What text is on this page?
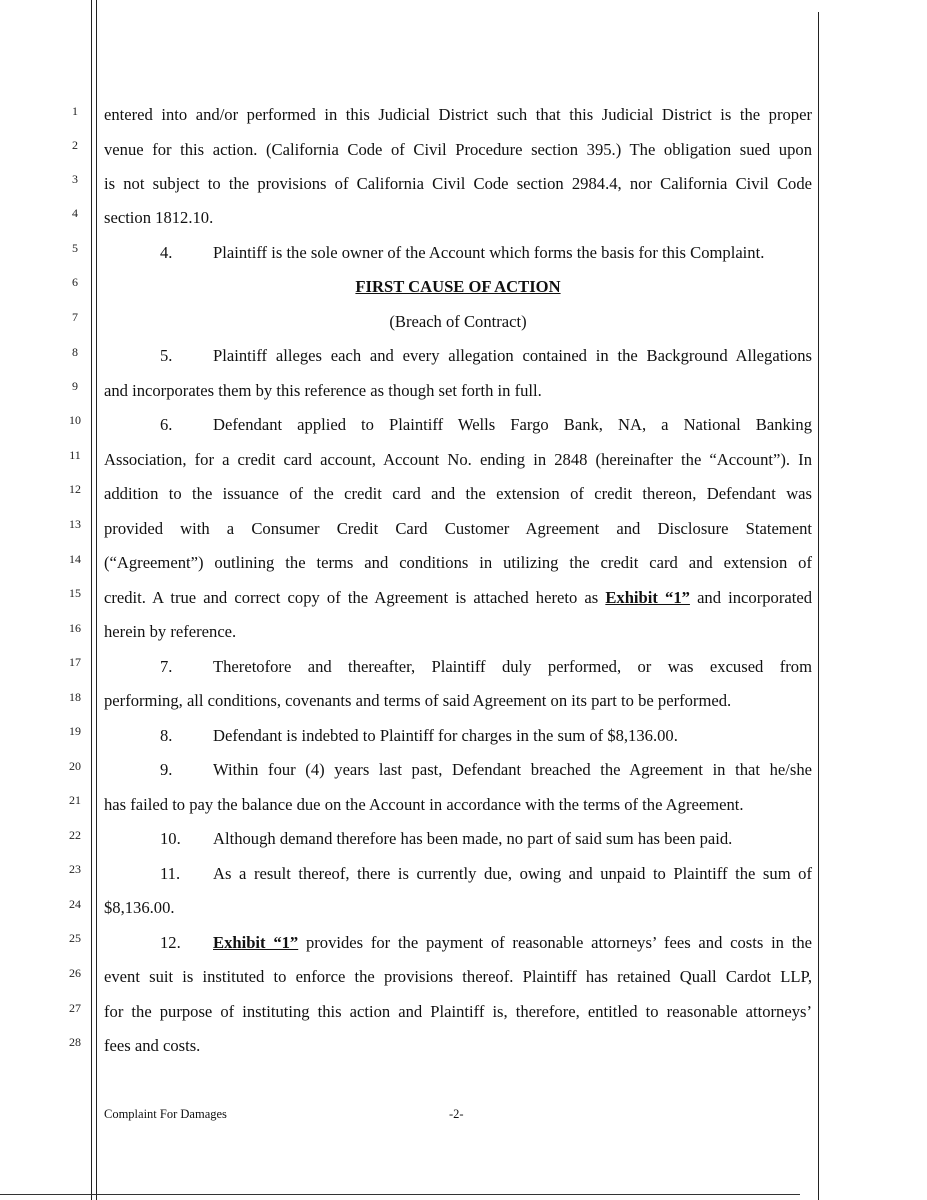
1
2
3
4
5
6
7
8
9
10
11
12
13
14
15
16
17
18
19
20
21
22
23
24
25
26
27
28
entered into and/or performed in this Judicial District such that this Judicial District is the proper
venue for this action. (California Code of Civil Procedure section 395.) The obligation sued upon
is not subject to the provisions of California Civil Code section 2984.4, nor California Civil Code
section 1812.10.
4. Plaintiff is the sole owner of the Account which forms the basis for this Complaint.
FIRST CAUSE OF ACTION
(Breach of Contract)
5. Plaintiff alleges each and every allegation contained in the Background Allegations
and incorporates them by this reference as though set forth in full.
6. Defendant applied to Plaintiff Wells Fargo Bank, NA, a National Banking
Association, for a credit card account, Account No. ending in 2848 (hereinafter the “Account”). In
addition to the issuance of the credit card and the extension of credit thereon, Defendant was
provided with a Consumer Credit Card Customer Agreement and Disclosure Statement
(“Agreement”) outlining the terms and conditions in utilizing the credit card and extension of
credit. A true and correct copy of the Agreement is attached hereto as Exhibit “1” and incorporated
herein by reference.
7. Theretofore and thereafter, Plaintiff duly performed, or was excused from
performing, all conditions, covenants and terms of said Agreement on its part to be performed.
8. Defendant is indebted to Plaintiff for charges in the sum of $8,136.00.
9. Within four (4) years last past, Defendant breached the Agreement in that he/she
has failed to pay the balance due on the Account in accordance with the terms of the Agreement.
10. Although demand therefore has been made, no part of said sum has been paid.
11. As a result thereof, there is currently due, owing and unpaid to Plaintiff the sum of
$8,136.00.
12. Exhibit “1” provides for the payment of reasonable attorneys’ fees and costs in the
event suit is instituted to enforce the provisions thereof. Plaintiff has retained Quall Cardot LLP,
for the purpose of instituting this action and Plaintiff is, therefore, entitled to reasonable attorneys’
fees and costs.
Complaint For Damages	-2-
